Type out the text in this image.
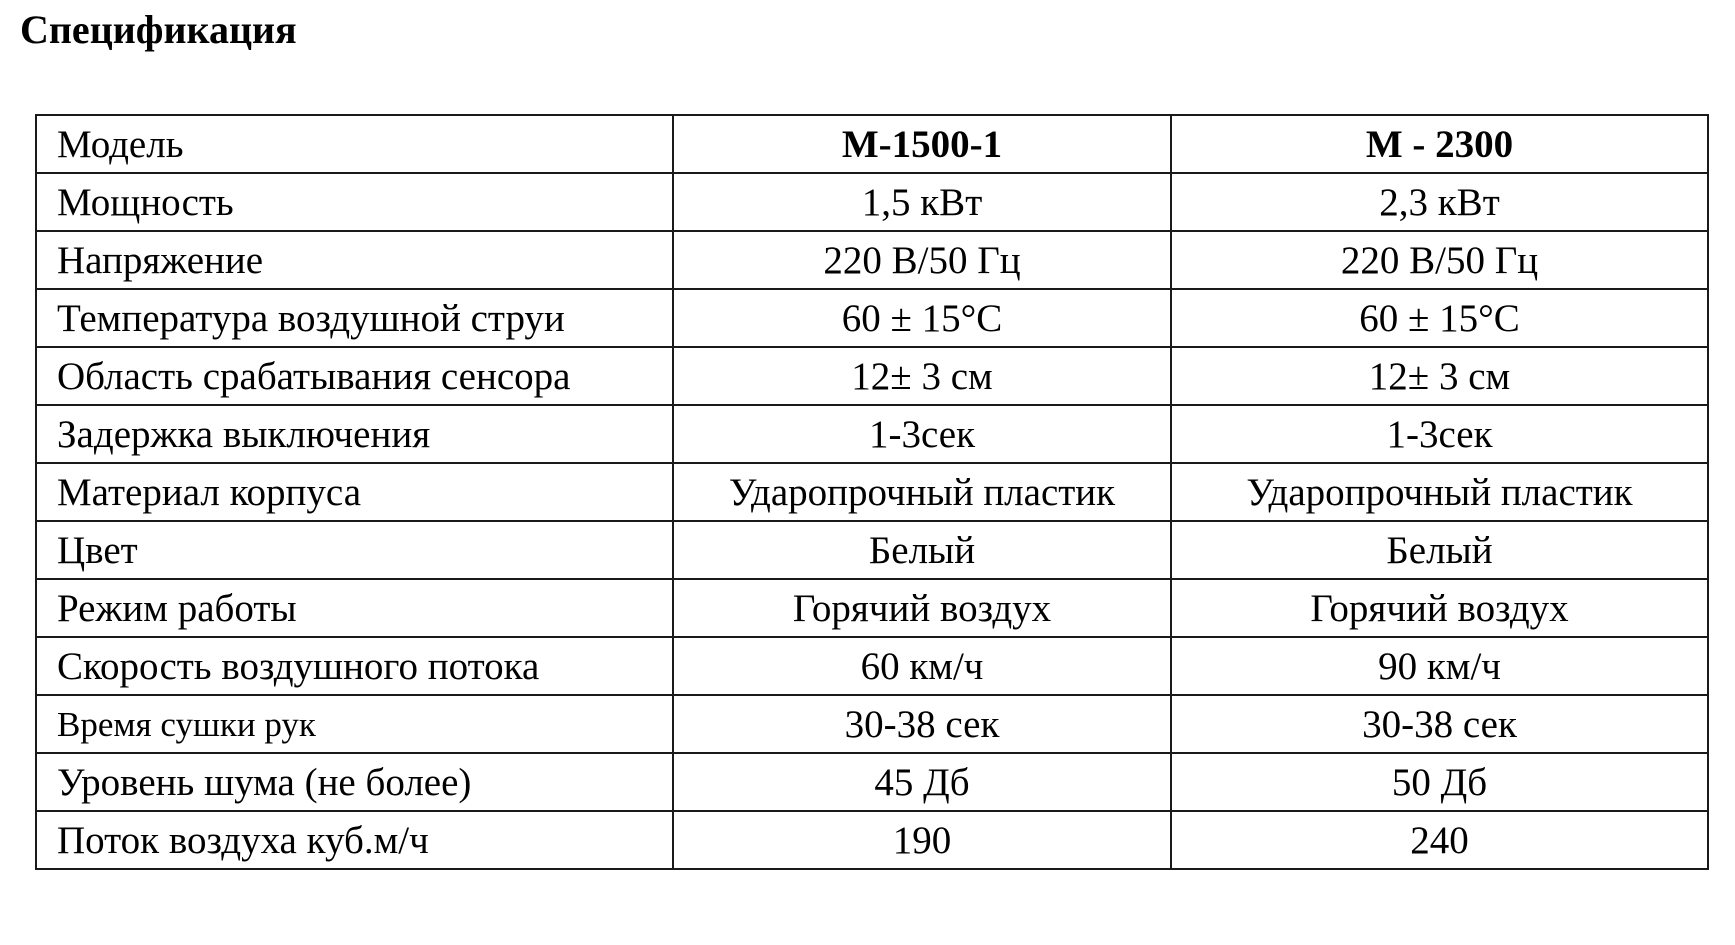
Спецификация
Модель	М-1500-1	М - 2300
Мощность	1,5 кВт	2,3 кВт
Напряжение	220 В/50 Гц	220 В/50 Гц
Температура воздушной струи	60 ± 15°С	60 ± 15°С
Область срабатывания сенсора	12± 3 см	12± 3 см
Задержка выключения	1-3сек	1-3сек
Материал корпуса	Ударопрочный пластик	Ударопрочный пластик
Цвет	Белый	Белый
Режим работы	Горячий воздух	Горячий воздух
Скорость воздушного потока	60 км/ч	90 км/ч
Время сушки рук	30-38 сек	30-38 сек
Уровень шума (не более)	45 Дб	50 Дб
Поток воздуха куб.м/ч	190	240
